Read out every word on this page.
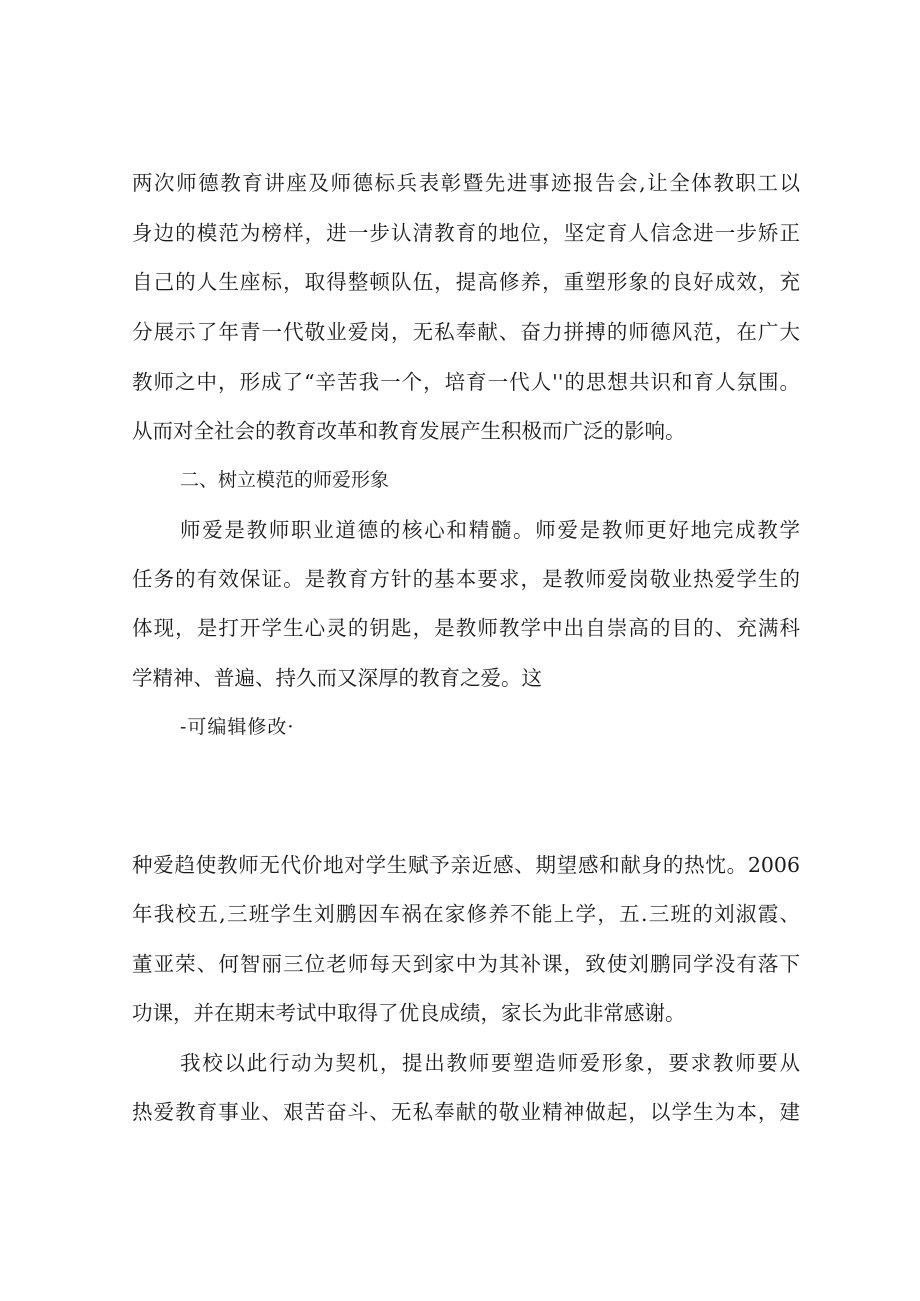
两次师德教育讲座及师德标兵表彰暨先进事迹报告会,让全体教职工以
身边的模范为榜样，进一步认清教育的地位，坚定育人信念进一步矫正
自己的人生座标，取得整顿队伍，提高修养，重塑形象的良好成效，充
分展示了年青一代敬业爱岗，无私奉献、奋力拼搏的师德风范，在广大
教师之中，形成了“辛苦我一个，培育一代人''的思想共识和育人氛围。
从而对全社会的教育改革和教育发展产生积极而广泛的影响。
二、树立模范的师爱形象
师爱是教师职业道德的核心和精髓。师爱是教师更好地完成教学
任务的有效保证。是教育方针的基本要求，是教师爱岗敬业热爱学生的
体现，是打开学生心灵的钥匙，是教师教学中出自崇高的目的、充满科
学精神、普遍、持久而又深厚的教育之爱。这
-可编辑修改·
种爱趋使教师无代价地对学生赋予亲近感、期望感和献身的热忱。2006
年我校五,三班学生刘鹏因车祸在家修养不能上学，五.三班的刘淑霞、
董亚荣、何智丽三位老师每天到家中为其补课，致使刘鹏同学没有落下
功课，并在期末考试中取得了优良成绩，家长为此非常感谢。
我校以此行动为契机，提出教师要塑造师爱形象，要求教师要从
热爱教育事业、艰苦奋斗、无私奉献的敬业精神做起，以学生为本，建
